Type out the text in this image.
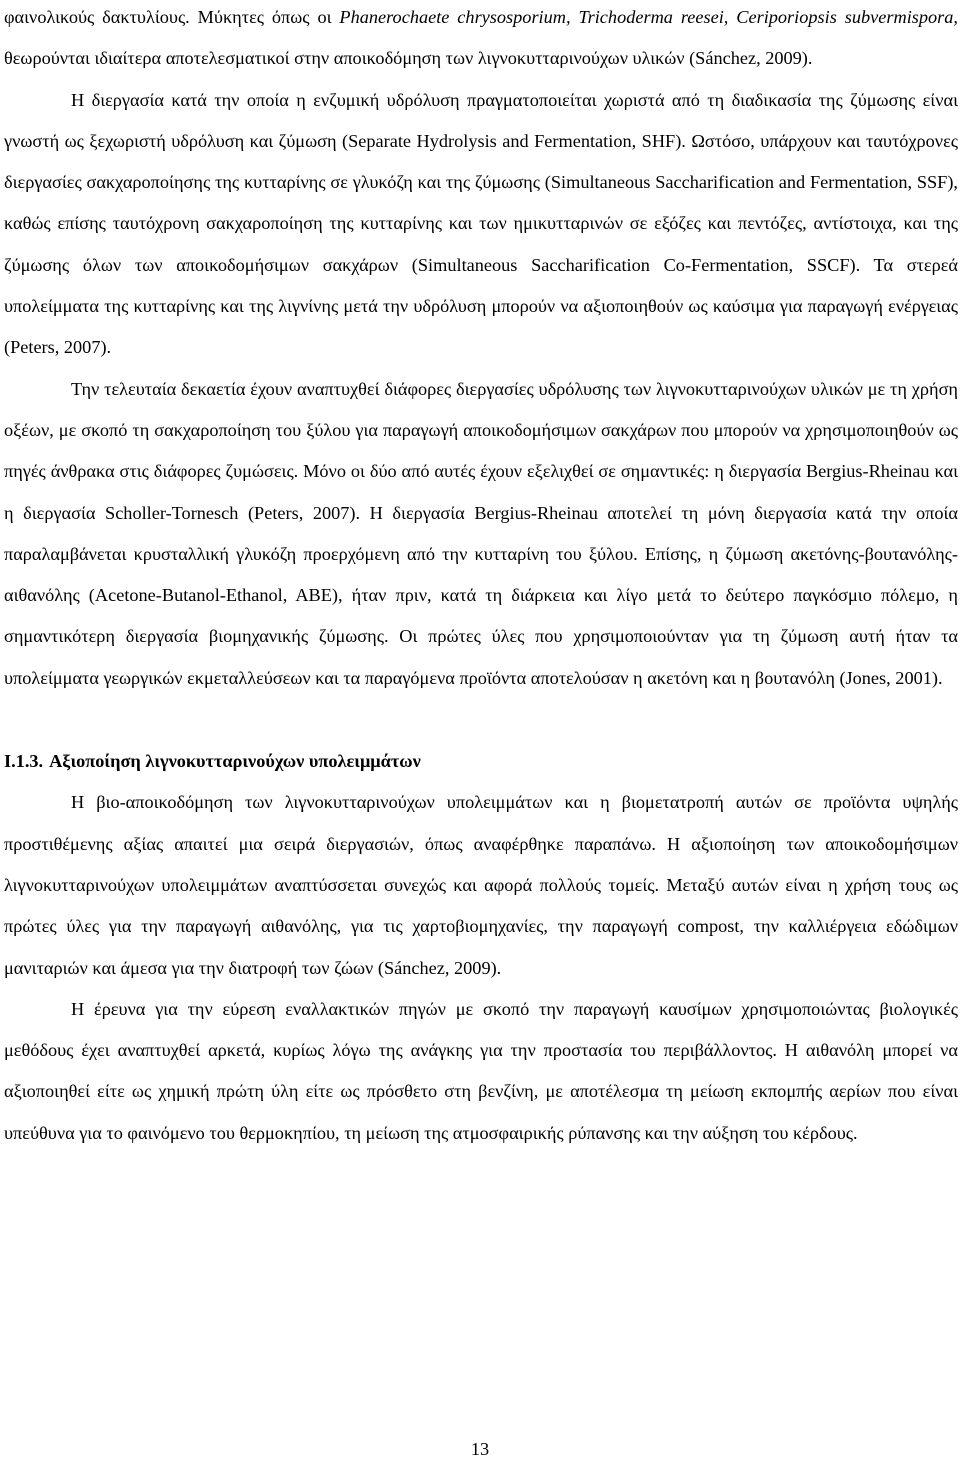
φαινολικούς δακτυλίους. Μύκητες όπως οι Phanerochaete chrysosporium, Trichoderma reesei, Ceriporiopsis subvermispora, θεωρούνται ιδιαίτερα αποτελεσματικοί στην αποικοδόμηση των λιγνοκυτταρινούχων υλικών (Sánchez, 2009).

Η διεργασία κατά την οποία η ενζυμική υδρόλυση πραγματοποιείται χωριστά από τη διαδικασία της ζύμωσης είναι γνωστή ως ξεχωριστή υδρόλυση και ζύμωση (Separate Hydrolysis and Fermentation, SHF). Ωστόσο, υπάρχουν και ταυτόχρονες διεργασίες σακχαροποίησης της κυτταρίνης σε γλυκόζη και της ζύμωσης (Simultaneous Saccharification and Fermentation, SSF), καθώς επίσης ταυτόχρονη σακχαροποίηση της κυτταρίνης και των ημικυτταρινών σε εξόζες και πεντόζες, αντίστοιχα, και της ζύμωσης όλων των αποικοδομήσιμων σακχάρων (Simultaneous Saccharification Co-Fermentation, SSCF). Τα στερεά υπολείμματα της κυτταρίνης και της λιγνίνης μετά την υδρόλυση μπορούν να αξιοποιηθούν ως καύσιμα για παραγωγή ενέργειας (Peters, 2007).

Την τελευταία δεκαετία έχουν αναπτυχθεί διάφορες διεργασίες υδρόλυσης των λιγνοκυτταρινούχων υλικών με τη χρήση οξέων, με σκοπό τη σακχαροποίηση του ξύλου για παραγωγή αποικοδομήσιμων σακχάρων που μπορούν να χρησιμοποιηθούν ως πηγές άνθρακα στις διάφορες ζυμώσεις. Μόνο οι δύο από αυτές έχουν εξελιχθεί σε σημαντικές: η διεργασία Bergius-Rheinau και η διεργασία Scholler-Tornesch (Peters, 2007). Η διεργασία Bergius-Rheinau αποτελεί τη μόνη διεργασία κατά την οποία παραλαμβάνεται κρυσταλλική γλυκόζη προερχόμενη από την κυτταρίνη του ξύλου. Επίσης, η ζύμωση ακετόνης-βουτανόλης-αιθανόλης (Acetone-Butanol-Ethanol, ABE), ήταν πριν, κατά τη διάρκεια και λίγο μετά το δεύτερο παγκόσμιο πόλεμο, η σημαντικότερη διεργασία βιομηχανικής ζύμωσης. Οι πρώτες ύλες που χρησιμοποιούνταν για τη ζύμωση αυτή ήταν τα υπολείμματα γεωργικών εκμεταλλεύσεων και τα παραγόμενα προϊόντα αποτελούσαν η ακετόνη και η βουτανόλη (Jones, 2001).

I.1.3. Αξιοποίηση λιγνοκυτταρινούχων υπολειμμάτων

Η βιο-αποικοδόμηση των λιγνοκυτταρινούχων υπολειμμάτων και η βιομετατροπή αυτών σε προϊόντα υψηλής προστιθέμενης αξίας απαιτεί μια σειρά διεργασιών, όπως αναφέρθηκε παραπάνω. Η αξιοποίηση των αποικοδομήσιμων λιγνοκυτταρινούχων υπολειμμάτων αναπτύσσεται συνεχώς και αφορά πολλούς τομείς. Μεταξύ αυτών είναι η χρήση τους ως πρώτες ύλες για την παραγωγή αιθανόλης, για τις χαρτοβιομηχανίες, την παραγωγή compost, την καλλιέργεια εδώδιμων μανιταριών και άμεσα για την διατροφή των ζώων (Sánchez, 2009).

Η έρευνα για την εύρεση εναλλακτικών πηγών με σκοπό την παραγωγή καυσίμων χρησιμοποιώντας βιολογικές μεθόδους έχει αναπτυχθεί αρκετά, κυρίως λόγω της ανάγκης για την προστασία του περιβάλλοντος. Η αιθανόλη μπορεί να αξιοποιηθεί είτε ως χημική πρώτη ύλη είτε ως πρόσθετο στη βενζίνη, με αποτέλεσμα τη μείωση εκπομπής αερίων που είναι υπεύθυνα για το φαινόμενο του θερμοκηπίου, τη μείωση της ατμοσφαιρικής ρύπανσης και την αύξηση του κέρδους.

13
